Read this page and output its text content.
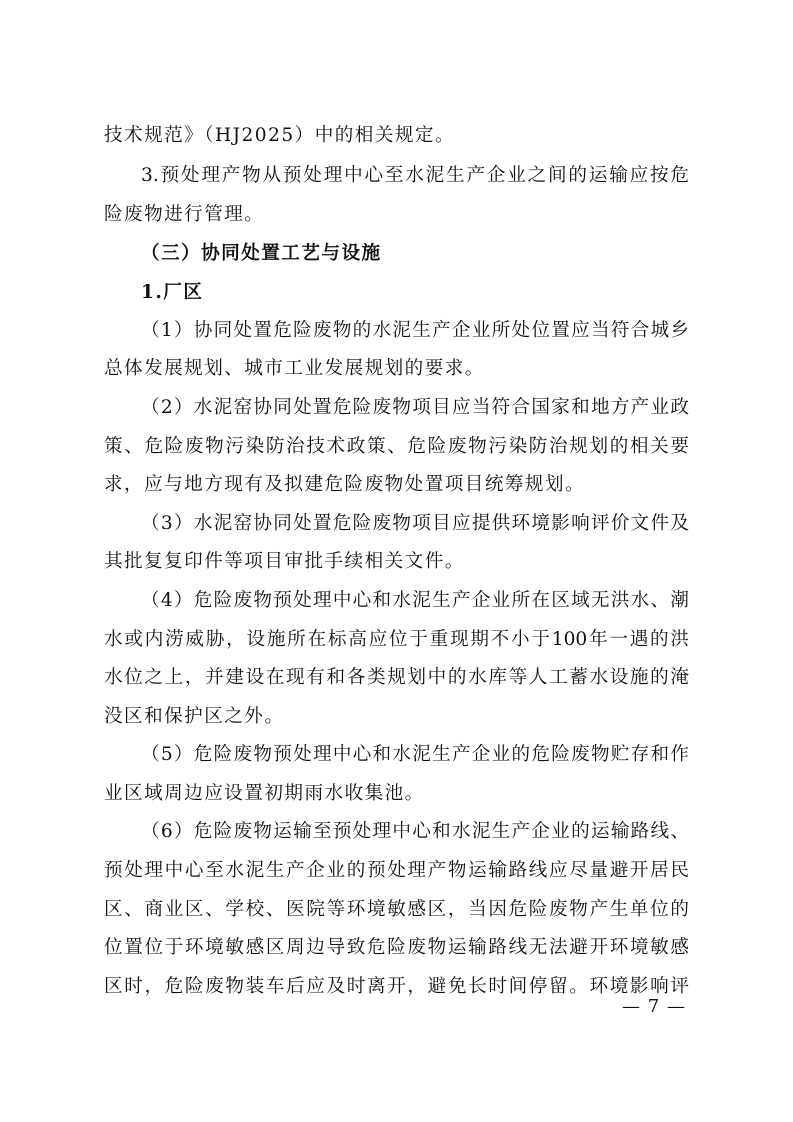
技术规范》（HJ2025）中的相关规定。
3.预处理产物从预处理中心至水泥生产企业之间的运输应按危
险废物进行管理。
（三）协同处置工艺与设施
1.厂区
（1）协同处置危险废物的水泥生产企业所处位置应当符合城乡
总体发展规划、城市工业发展规划的要求。
（2）水泥窑协同处置危险废物项目应当符合国家和地方产业政
策、危险废物污染防治技术政策、危险废物污染防治规划的相关要
求，应与地方现有及拟建危险废物处置项目统筹规划。
（3）水泥窑协同处置危险废物项目应提供环境影响评价文件及
其批复复印件等项目审批手续相关文件。
（4）危险废物预处理中心和水泥生产企业所在区域无洪水、潮
水或内涝威胁，设施所在标高应位于重现期不小于100年一遇的洪
水位之上，并建设在现有和各类规划中的水库等人工蓄水设施的淹
没区和保护区之外。
（5）危险废物预处理中心和水泥生产企业的危险废物贮存和作
业区域周边应设置初期雨水收集池。
（6）危险废物运输至预处理中心和水泥生产企业的运输路线、
预处理中心至水泥生产企业的预处理产物运输路线应尽量避开居民
区、商业区、学校、医院等环境敏感区，当因危险废物产生单位的
位置位于环境敏感区周边导致危险废物运输路线无法避开环境敏感
区时，危险废物装车后应及时离开，避免长时间停留。环境影响评
— 7 —
